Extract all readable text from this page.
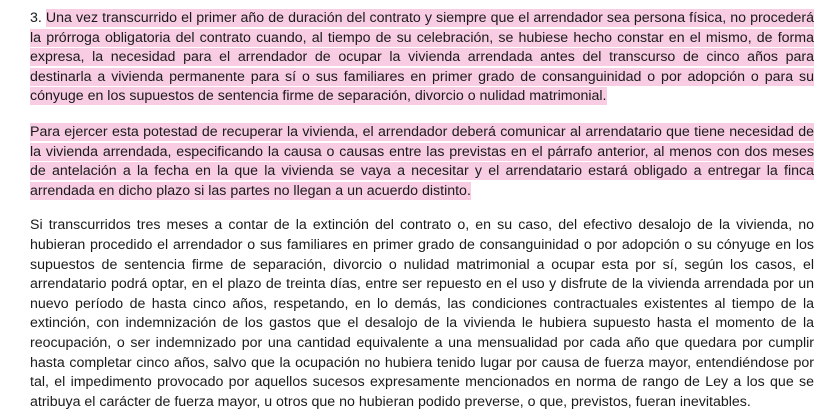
3. Una vez transcurrido el primer año de duración del contrato y siempre que el arrendador sea persona física, no procederá la prórroga obligatoria del contrato cuando, al tiempo de su celebración, se hubiese hecho constar en el mismo, de forma expresa, la necesidad para el arrendador de ocupar la vivienda arrendada antes del transcurso de cinco años para destinarla a vivienda permanente para sí o sus familiares en primer grado de consanguinidad o por adopción o para su cónyuge en los supuestos de sentencia firme de separación, divorcio o nulidad matrimonial.

Para ejercer esta potestad de recuperar la vivienda, el arrendador deberá comunicar al arrendatario que tiene necesidad de la vivienda arrendada, especificando la causa o causas entre las previstas en el párrafo anterior, al menos con dos meses de antelación a la fecha en la que la vivienda se vaya a necesitar y el arrendatario estará obligado a entregar la finca arrendada en dicho plazo si las partes no llegan a un acuerdo distinto.

Si transcurridos tres meses a contar de la extinción del contrato o, en su caso, del efectivo desalojo de la vivienda, no hubieran procedido el arrendador o sus familiares en primer grado de consanguinidad o por adopción o su cónyuge en los supuestos de sentencia firme de separación, divorcio o nulidad matrimonial a ocupar esta por sí, según los casos, el arrendatario podrá optar, en el plazo de treinta días, entre ser repuesto en el uso y disfrute de la vivienda arrendada por un nuevo período de hasta cinco años, respetando, en lo demás, las condiciones contractuales existentes al tiempo de la extinción, con indemnización de los gastos que el desalojo de la vivienda le hubiera supuesto hasta el momento de la reocupación, o ser indemnizado por una cantidad equivalente a una mensualidad por cada año que quedara por cumplir hasta completar cinco años, salvo que la ocupación no hubiera tenido lugar por causa de fuerza mayor, entendiéndose por tal, el impedimento provocado por aquellos sucesos expresamente mencionados en norma de rango de Ley a los que se atribuya el carácter de fuerza mayor, u otros que no hubieran podido preverse, o que, previstos, fueran inevitables.
